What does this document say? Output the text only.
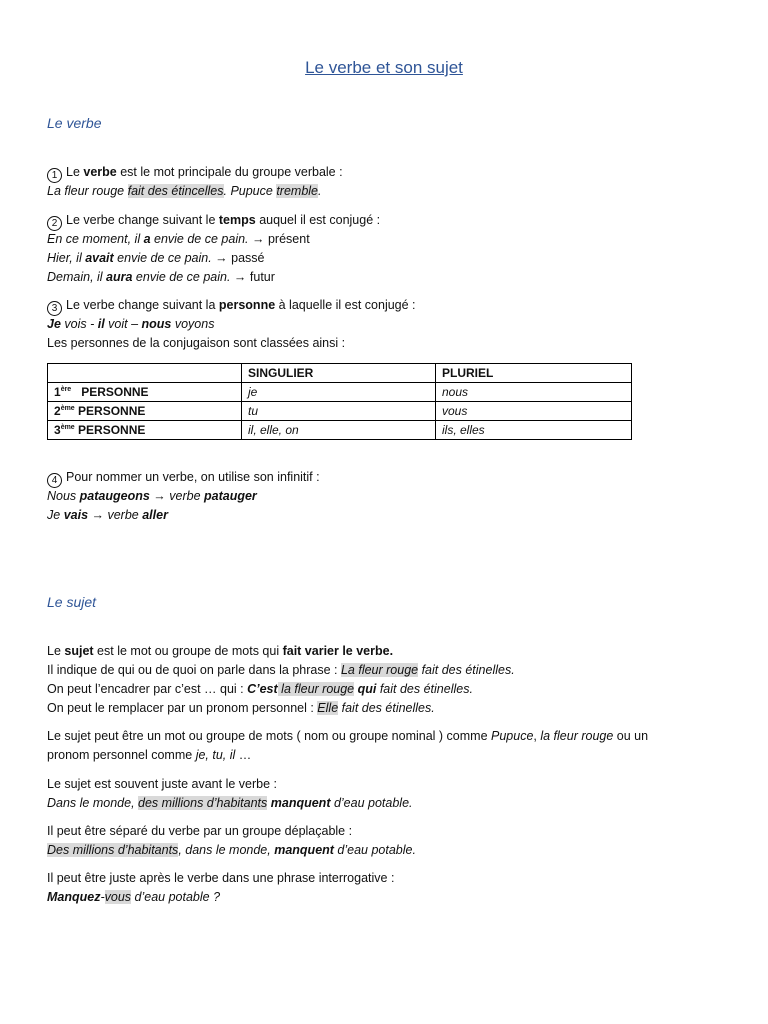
Le verbe et son sujet
Le verbe
1 Le verbe est le mot principale du groupe verbale :
La fleur rouge fait des étincelles. Pupuce tremble.
2 Le verbe change suivant le temps auquel il est conjugé :
En ce moment, il a envie de ce pain. → présent
Hier, il avait envie de ce pain. → passé
Demain, il aura envie de ce pain. → futur
3 Le verbe change suivant la personne à laquelle il est conjugé :
Je vois - il voit – nous voyons
Les personnes de la conjugaison sont classées ainsi :
	SINGULIER	PLURIEL
1ère   PERSONNE	je	nous
2ème PERSONNE	tu	vous
3ème PERSONNE	il, elle, on	ils, elles
4 Pour nommer un verbe, on utilise son infinitif :
Nous pataugeons → verbe patauger
Je vais → verbe aller
Le sujet
Le sujet est le mot ou groupe de mots qui fait varier le verbe.
Il indique de qui ou de quoi on parle dans la phrase : La fleur rouge fait des étinelles.
On peut l’encadrer par c’est … qui : C’est la fleur rouge qui fait des étinelles.
On peut le remplacer par un pronom personnel : Elle fait des étinelles.
Le sujet peut être un mot ou groupe de mots ( nom ou groupe nominal ) comme Pupuce, la fleur rouge ou un pronom personnel comme je, tu, il …
Le sujet est souvent juste avant le verbe :
Dans le monde, des millions d’habitants manquent d’eau potable.
Il peut être séparé du verbe par un groupe déplaçable :
Des millions d’habitants, dans le monde, manquent d’eau potable.
Il peut être juste après le verbe dans une phrase interrogative :
Manquez-vous d’eau potable ?
